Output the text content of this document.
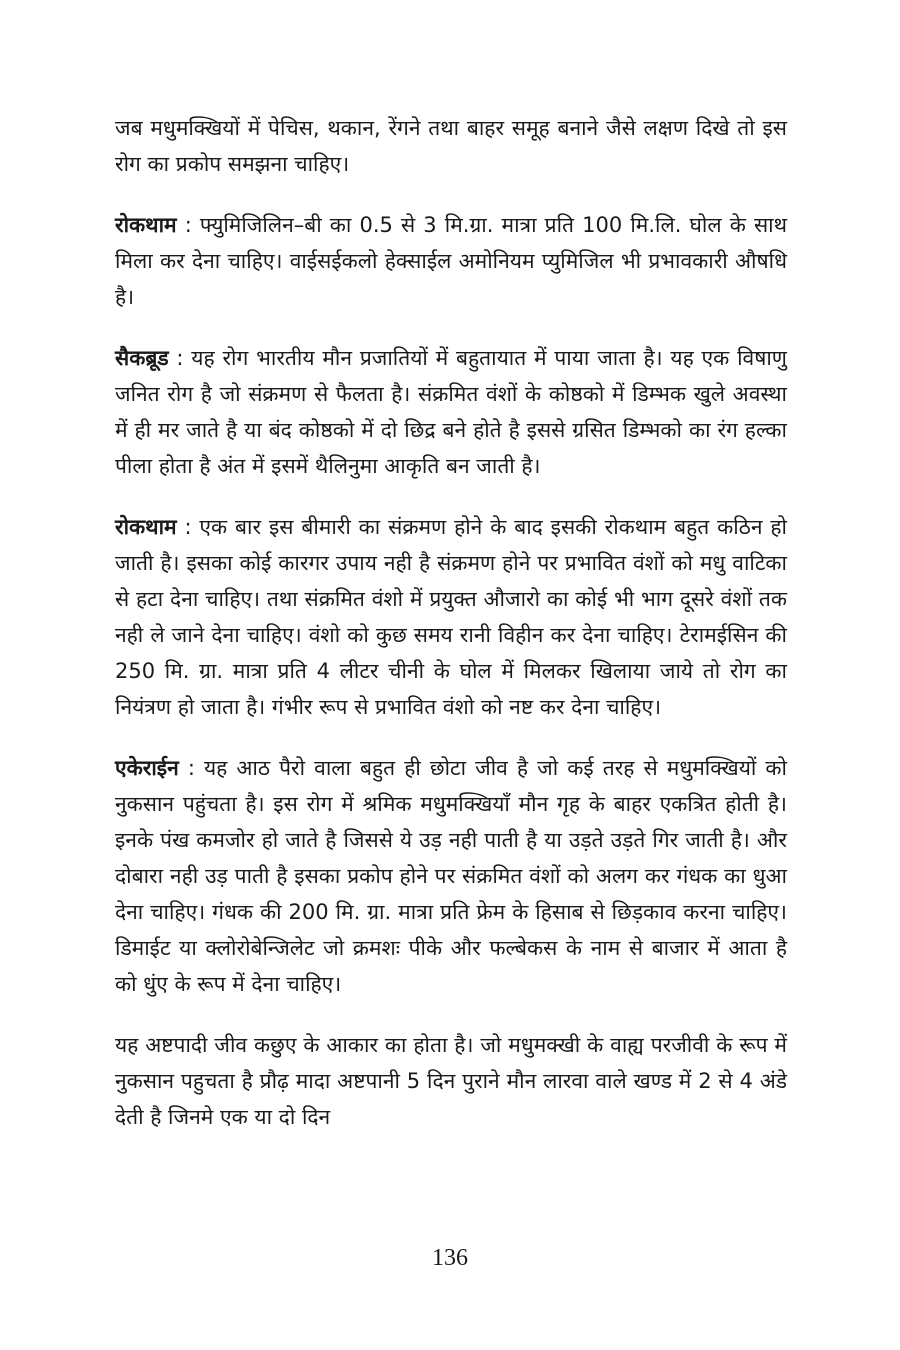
जब मधुमक्खियों में पेचिस, थकान, रेंगने तथा बाहर समूह बनाने जैसे लक्षण दिखे तो इस रोग का प्रकोप समझना चाहिए।

रोकथाम : फ्युमिजिलिन–बी का 0.5 से 3 मि.ग्रा. मात्रा प्रति 100 मि.लि. घोल के साथ मिला कर देना चाहिए। वाईसईकलो हेक्साईल अमोनियम प्युमिजिल भी प्रभावकारी औषधि है।

सैकब्रूड : यह रोग भारतीय मौन प्रजातियों में बहुतायात में पाया जाता है। यह एक विषाणु जनित रोग है जो संक्रमण से फैलता है। संक्रमित वंशों के कोष्ठको में डिम्भक खुले अवस्था में ही मर जाते है या बंद कोष्ठको में दो छिद्र बने होते है इससे ग्रसित डिम्भको का रंग हल्का पीला होता है अंत में इसमें थैलिनुमा आकृति बन जाती है।

रोकथाम : एक बार इस बीमारी का संक्रमण होने के बाद इसकी रोकथाम बहुत कठिन हो जाती है। इसका कोई कारगर उपाय नही है संक्रमण होने पर प्रभावित वंशों को मधु वाटिका से हटा देना चाहिए। तथा संक्रमित वंशो में प्रयुक्त औजारो का कोई भी भाग दूसरे वंशों तक नही ले जाने देना चाहिए। वंशो को कुछ समय रानी विहीन कर देना चाहिए। टेरामईसिन की 250 मि. ग्रा. मात्रा प्रति 4 लीटर चीनी के घोल में मिलकर खिलाया जाये तो रोग का नियंत्रण हो जाता है। गंभीर रूप से प्रभावित वंशो को नष्ट कर देना चाहिए।

एकेराईन : यह आठ पैरो वाला बहुत ही छोटा जीव है जो कई तरह से मधुमक्खियों को नुकसान पहुंचता है। इस रोग में श्रमिक मधुमक्खियाँ मौन गृह के बाहर एकत्रित होती है। इनके पंख कमजोर हो जाते है जिससे ये उड़ नही पाती है या उड़ते उड़ते गिर जाती है। और दोबारा नही उड़ पाती है इसका प्रकोप होने पर संक्रमित वंशों को अलग कर गंधक का धुआ देना चाहिए। गंधक की 200 मि. ग्रा. मात्रा प्रति फ्रेम के हिसाब से छिड़काव करना चाहिए। डिमाईट या क्लोरोबेन्जिलेट जो क्रमशः पीके और फल्बेकस के नाम से बाजार में आता है को धुंए के रूप में देना चाहिए।

यह अष्टपादी जीव कछुए के आकार का होता है। जो मधुमक्खी के वाह्य परजीवी के रूप में नुकसान पहुचता है प्रौढ़ मादा अष्टपानी 5 दिन पुराने मौन लारवा वाले खण्ड में 2 से 4 अंडे देती है जिनमे एक या दो दिन

136
